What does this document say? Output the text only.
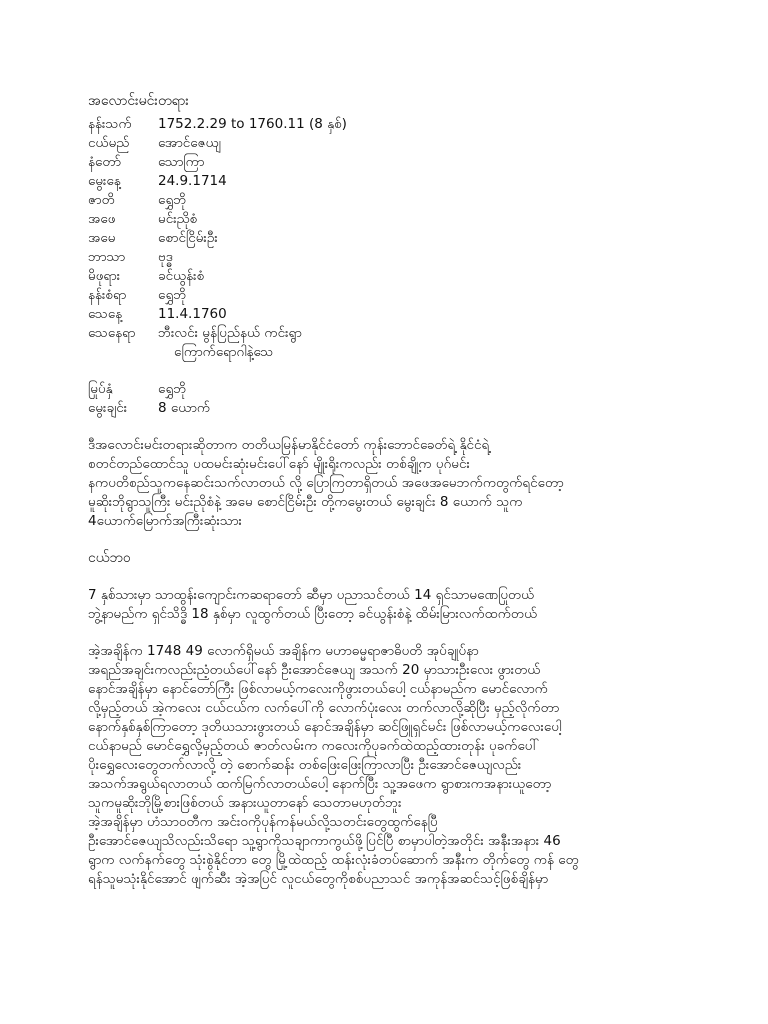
အလောင်းမင်းတရား
နန်းသက်	1752.2.29 to 1760.11 (8 နှစ်)
ငယ်မည်	အောင်ဇေယျ
နံတော်	သောကြာ
မွေးနေ့	24.9.1714
ဇာတိ	ရွှေဘို
အဖေ	မင်းညိုစံ
အမေ	စောင်ငြိမ်းဦး
ဘာသာ	ဗုဒ္ဓ
မိဖုရား	ခင်ယွန်းစံ
နန်းစံရာ	ရွှေဘို
သေနေ့	11.4.1760
သေနေရာ	ဘီးလင်း မွန်ပြည်နယ် ကင်းရွာ
ကြောက်ရောဂါနဲ့သေ
မြုပ်နှံ	ရွှေဘို
မွေးချင်း	8 ယောက်
ဒီအလောင်းမင်းတရားဆိုတာက တတိယမြန်မာနိုင်ငံတော် ကုန်းဘောင်ခေတ်ရဲ့ နိုင်ငံရဲ့
စတင်တည်ထောင်သူ ပထမင်းဆုံးမင်းပေါ်နော် မျိုးရိုးကလည်း တစ်ချို့က ပုဂ်မင်း
နကပတိစည်သူကနေဆင်းသက်လာတယ် လို့ ပြောကြတာရှိတယ် အဖေအမေဘက်ကတွက်ရင်တော့
မူဆိုးဘိုရွာသူကြီး မင်းညိုစံနဲ့ အမေ စောင်ငြိမ်းဦး တို့ကမွေးတယ် မွေးချင်း 8 ယောက် သူက
4ယောက်မြောက်အကြီးဆုံးသား
ငယ်ဘဝ
7 နှစ်သားမှာ သာထွန်းကျောင်းကဆရာတော် ဆီမှာ ပညာသင်တယ် 14 ရှင်သာမဏေပြုတယ်
ဘွဲ့နာမည်က ရှင်သိဒ္ဓိ 18 နှစ်မှာ လူထွက်တယ် ပြီးတော့ ခင်ယွန်းစံနဲ့ ထိမ်းမြားလက်ထက်တယ်
အဲ့အချိန်က 1748 49 လောက်ရှိမယ် အချိန်က မဟာဓမ္မရာဇာဓိပတိ အုပ်ချုပ်နာ
အရည်အချင်းကလည်းညံ့တယ်ပေါ်နော် ဦးအောင်ဇေယျ အသက် 20 မှာသားဦးလေး ဖွားတယ်
နောင်အချိန်မှာ နောင်တော်ကြီး ဖြစ်လာမယ့်ကလေးကိုဖွားတယ်ပေါ့ ငယ်နာမည်က မောင်လောက်
လို့မှည့်တယ် အဲ့ကလေး ငယ်ငယ်က လက်ပေါ်ကို လောက်ပုံးလေး တက်လာလို့ဆိုပြီး မှည့်လိုက်တာ
နောက်နှစ်နှစ်ကြာတော့ ဒုတိယသားဖွားတယ် နောင်အချိန်မှာ ဆင်ဖြူရှင်မင်း ဖြစ်လာမယ့်ကလေးပေါ့
ငယ်နာမည် မောင်ရွှေလို့မှည့်တယ် ဇာတ်လမ်းက ကလေးကိုပုခက်ထဲထည့်ထားတုန်း ပုခက်ပေါ်
ပိုးရွှေလေးတွေတက်လာလို့ တဲ့ စောက်ဆန်း တစ်ဖြေးဖြေးကြာလာပြီး ဦးအောင်ဇေယျလည်း
အသက်အရွယ်ရလာတယ် ထက်မြက်လာတယ်ပေါ့ နောက်ပြီး သူ့အဖေက ရွာစားကအနားယူတော့
သူကမူဆိုးဘိုမြို့စားဖြစ်တယ် အနားယူတာနော် သေတာမဟုတ်ဘူး
အဲ့အချိန်မှာ ဟံသာဝတီက အင်းဝကိုပုန်ကန်မယ်လို့သတင်းတွေထွက်နေပြီ
ဦးအောင်ဇေယျသိလည်းသိရော သူ့ရွာကိုသချာကာကွယ်ဖို့ပြင်ပြီ စာမှာပါတဲ့အတိုင်း အနီးအနား 46
ရွာက လက်နက်တွေ သုံးစွဲနိုင်တာ တွေ မြို့ထဲထည့် ထန်းလုံးခံတပ်ဆောက် အနီးက တိုက်တွေ ကန် တွေ
ရန်သူမသုံးနိုင်အောင် ဖျက်ဆီး အဲ့အပြင် လူငယ်တွေကိုစစ်ပညာသင် အကုန်အဆင်သင့်ဖြစ်ချိန်မှာ
